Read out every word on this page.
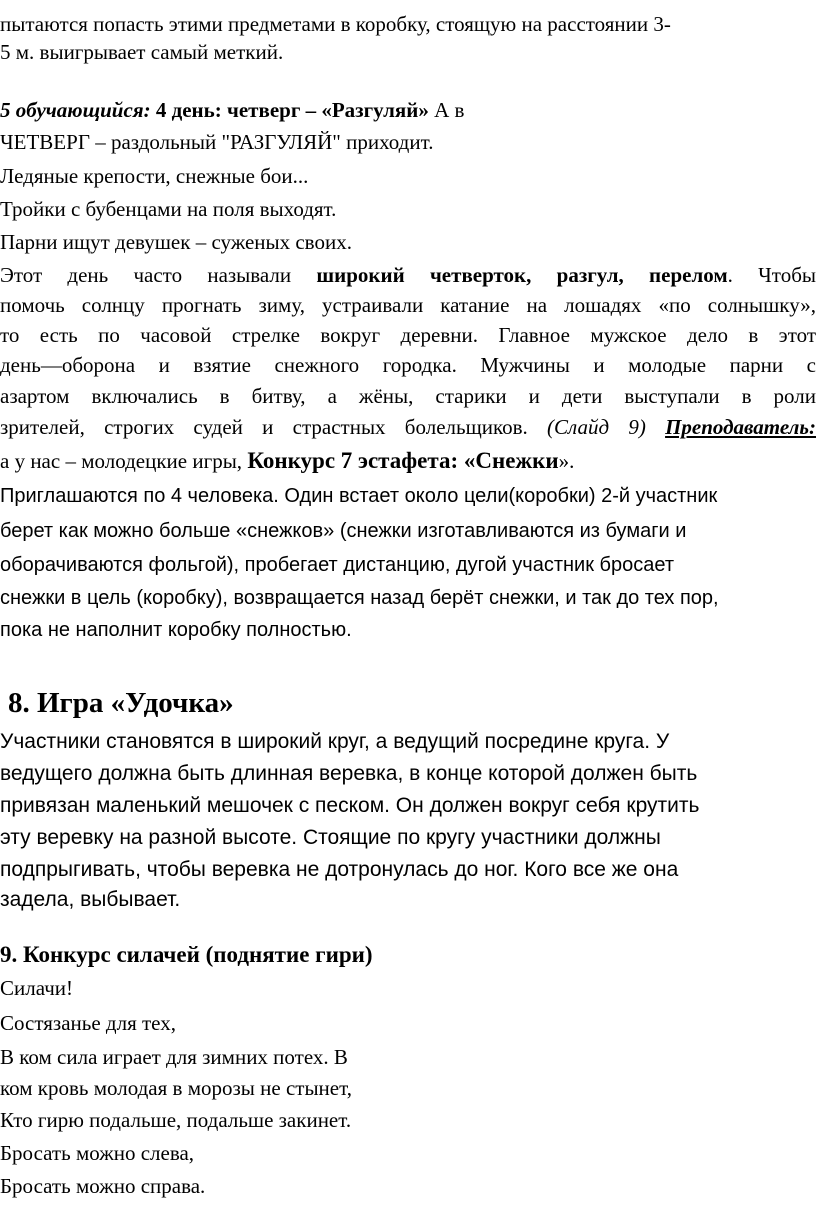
пытаются попасть этими предметами в коробку, стоящую на расстоянии 3-
5 м. выигрывает самый меткий.
5 обучающийся: 4 день: четверг – «Разгуляй» А в
ЧЕТВЕРГ – раздольный "РАЗГУЛЯЙ" приходит.
Ледяные крепости, снежные бои...
Тройки с бубенцами на поля выходят.
Парни ищут девушек – суженых своих.
Этот день часто называли широкий четверток, разгул, перелом. Чтобы
помочь солнцу прогнать зиму, устраивали катание на лошадях «по солнышку»,
то есть по часовой стрелке вокруг деревни. Главное мужское дело в этот
день—оборона и взятие снежного городка. Мужчины и молодые парни с
азартом включались в битву, а жёны, старики и дети выступали в роли
зрителей, строгих судей и страстных болельщиков. (Слайд 9) Преподаватель:
а у нас – молодецкие игры, Конкурс 7 эстафета: «Снежки».
Приглашаются по 4 человека. Один встает около цели(коробки) 2-й участник
берет как можно больше «снежков» (снежки изготавливаются из бумаги и
оборачиваются фольгой), пробегает дистанцию, дугой участник бросает
снежки в цель (коробку), возвращается назад берёт снежки, и так до тех пор,
пока не наполнит коробку полностью.
8. Игра «Удочка»
Участники становятся в широкий круг, а ведущий посредине круга. У
ведущего должна быть длинная веревка, в конце которой должен быть
привязан маленький мешочек с песком. Он должен вокруг себя крутить
эту веревку на разной высоте. Стоящие по кругу участники должны
подпрыгивать, чтобы веревка не дотронулась до ног. Кого все же она
задела, выбывает.
9. Конкурс силачей (поднятие гири)
Силачи!
Состязанье для тех,
В ком сила играет для зимних потех. В
ком кровь молодая в морозы не стынет,
Кто гирю подальше, подальше закинет.
Бросать можно слева,
Бросать можно справа.
